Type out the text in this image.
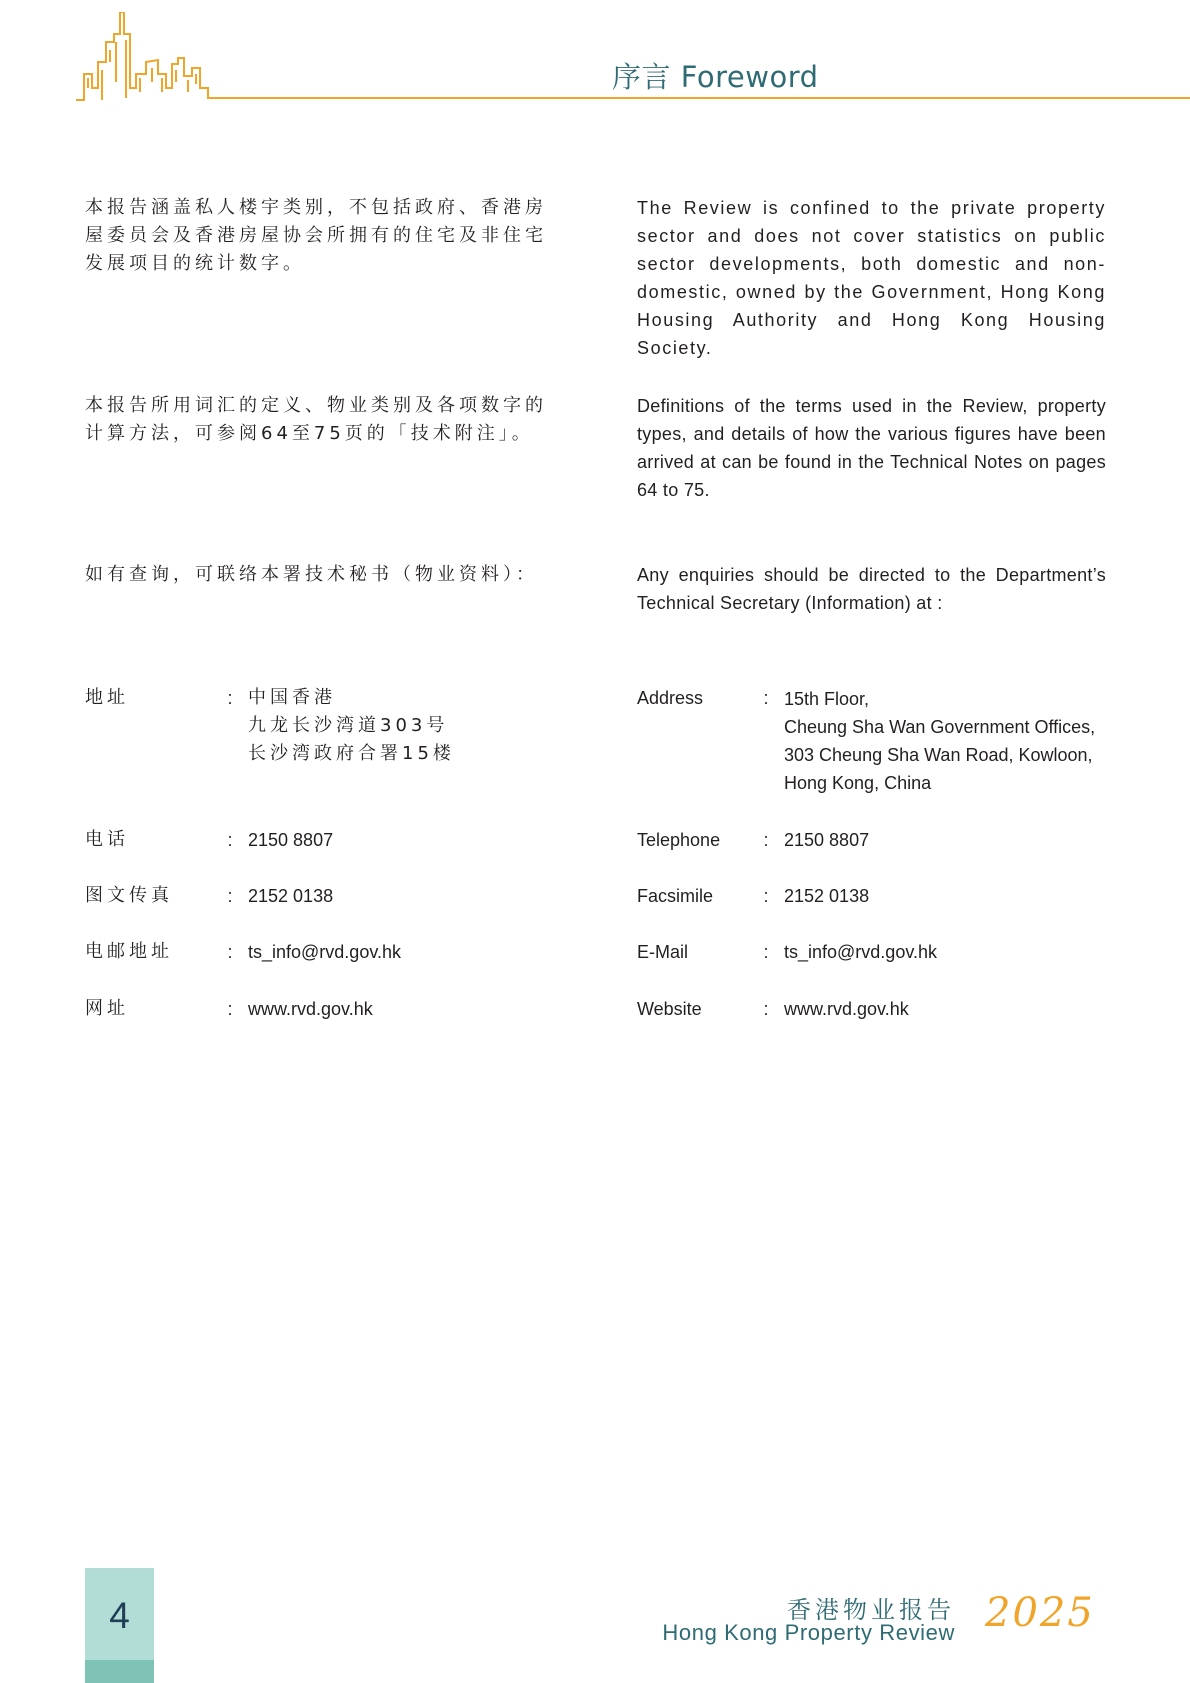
序言 Foreword
本报告涵盖私人楼宇类别，不包括政府、香港房屋委员会及香港房屋协会所拥有的住宅及非住宅发展项目的统计数字。
The Review is confined to the private property sector and does not cover statistics on public sector developments, both domestic and non-domestic, owned by the Government, Hong Kong Housing Authority and Hong Kong Housing Society.
本报告所用词汇的定义、物业类别及各项数字的计算方法，可参阅64至75页的「技术附注」。
Definitions of the terms used in the Review, property types, and details of how the various figures have been arrived at can be found in the Technical Notes on pages 64 to 75.
如有查询，可联络本署技术秘书（物业资料）：	Any enquiries should be directed to the Department’s Technical Secretary (Information) at :
地址	: 中国香港
九龙长沙湾道303号
长沙湾政府合署15楼
电话	: 2150 8807
图文传真	: 2152 0138
电邮地址	: ts_info@rvd.gov.hk
网址	: www.rvd.gov.hk
Address	: 15th Floor,
Cheung Sha Wan Government Offices,
303 Cheung Sha Wan Road, Kowloon,
Hong Kong, China
Telephone : 2150 8807
Facsimile	: 2152 0138
E-Mail	: ts_info@rvd.gov.hk
Website	: www.rvd.gov.hk
4	香港物业报告
Hong Kong Property Review 2025
